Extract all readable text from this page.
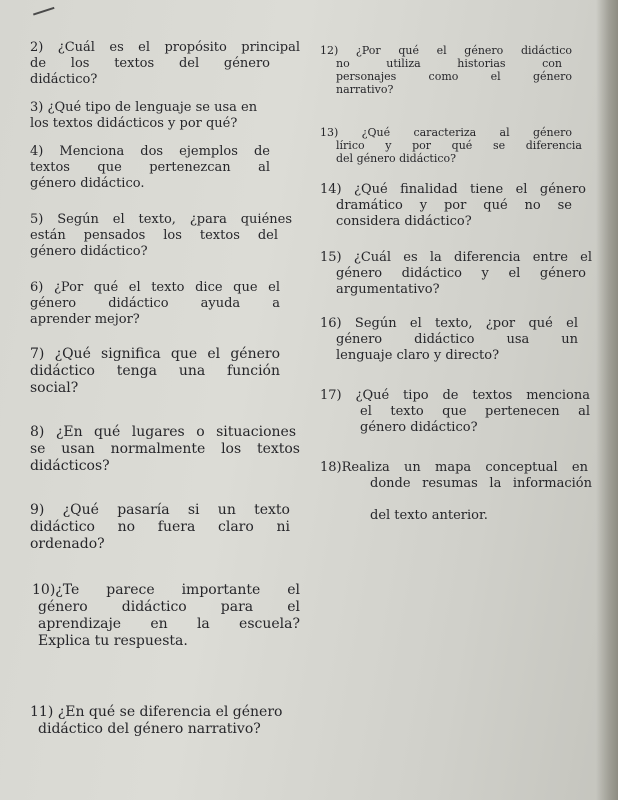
2) ¿Cuál es el propósito principal
de los textos del género
didáctico?
3) ¿Qué tipo de lenguaje se usa en
los textos didácticos y por qué?
4) Menciona dos ejemplos de
textos que pertenezcan al
género didáctico.
5) Según el texto, ¿para quiénes
están pensados los textos del
género didáctico?
6) ¿Por qué el texto dice que el
género didáctico ayuda a
aprender mejor?
7) ¿Qué significa que el género
didáctico tenga una función
social?
8) ¿En qué lugares o situaciones
se usan normalmente los textos
didácticos?
9) ¿Qué pasaría si un texto
didáctico no fuera claro ni
ordenado?
10)¿Te parece importante el
género didáctico para el
aprendizaje en la escuela?
Explica tu respuesta.
11) ¿En qué se diferencia el género
didáctico del género narrativo?
12) ¿Por qué el género didáctico
no utiliza historias con
personajes como el género
narrativo?
13) ¿Qué caracteriza al género
lírico y por qué se diferencia
del género didáctico?
14) ¿Qué finalidad tiene el género
dramático y por qué no se
considera didáctico?
15) ¿Cuál es la diferencia entre el
género didáctico y el género
argumentativo?
16) Según el texto, ¿por qué el
género didáctico usa un
lenguaje claro y directo?
17) ¿Qué tipo de textos menciona
el texto que pertenecen al
género didáctico?
18)Realiza un mapa conceptual en
donde resumas la información
del texto anterior.
